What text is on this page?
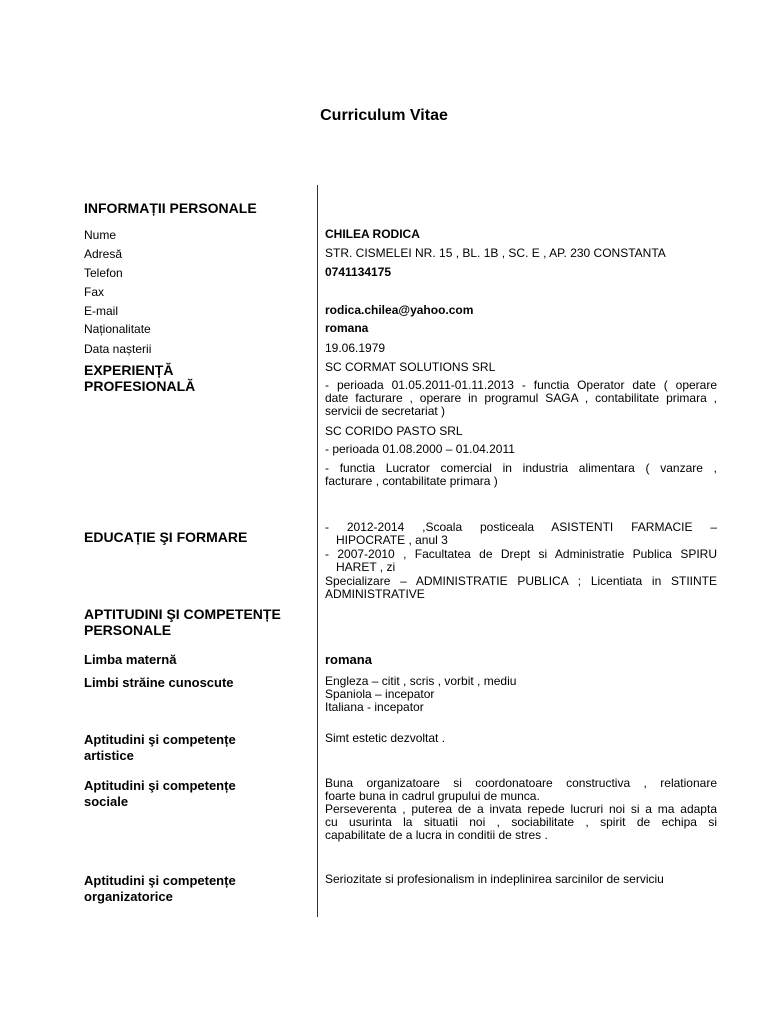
Curriculum Vitae
INFORMAȚII PERSONALE
Nume	CHILEA RODICA
Adresă	STR. CISMELEI NR. 15 , BL. 1B , SC. E , AP. 230 CONSTANTA
Telefon	0741134175
Fax
E-mail	rodica.chilea@yahoo.com
Naționalitate	romana
Data nașterii	19.06.1979
EXPERIENȚĂ
PROFESIONALĂ

SC CORMAT SOLUTIONS SRL

- perioada 01.05.2011-01.11.2013 - functia Operator date ( operare

date facturare , operare in programul SAGA , contabilitate primara ,

servicii de secretariat )

SC CORIDO PASTO SRL

- perioada 01.08.2000 – 01.04.2011

- functia Lucrator comercial in industria alimentara ( vanzare ,

facturare , contabilitate primara )

EDUCAȚIE ŞI FORMARE

- 2012-2014 ,Scoala posticeala ASISTENTI FARMACIE –

HIPOCRATE , anul 3

- 2007-2010 , Facultatea de Drept si Administratie Publica SPIRU

HARET , zi

Specializare – ADMINISTRATIE PUBLICA ; Licentiata in STIINTE

ADMINISTRATIVE

APTITUDINI ŞI COMPETENȚE
PERSONALE
Limba maternă	romana
Limbi străine cunoscute	Engleza – citit , scris , vorbit , mediu

Spaniola – incepator

Italiana - incepator

Aptitudini şi competențe
artistice
Simt estetic dezvoltat .
Aptitudini şi competențe
sociale

Buna organizatoare si coordonatoare constructiva , relationare

foarte buna in cadrul grupului de munca.

Perseverenta , puterea de a invata repede lucruri noi si a ma adapta

cu usurinta la situatii noi , sociabilitate , spirit de echipa si

capabilitate de a lucra in conditii de stres .

Aptitudini şi competențe
organizatorice
Seriozitate si profesionalism in indeplinirea sarcinilor de serviciu
